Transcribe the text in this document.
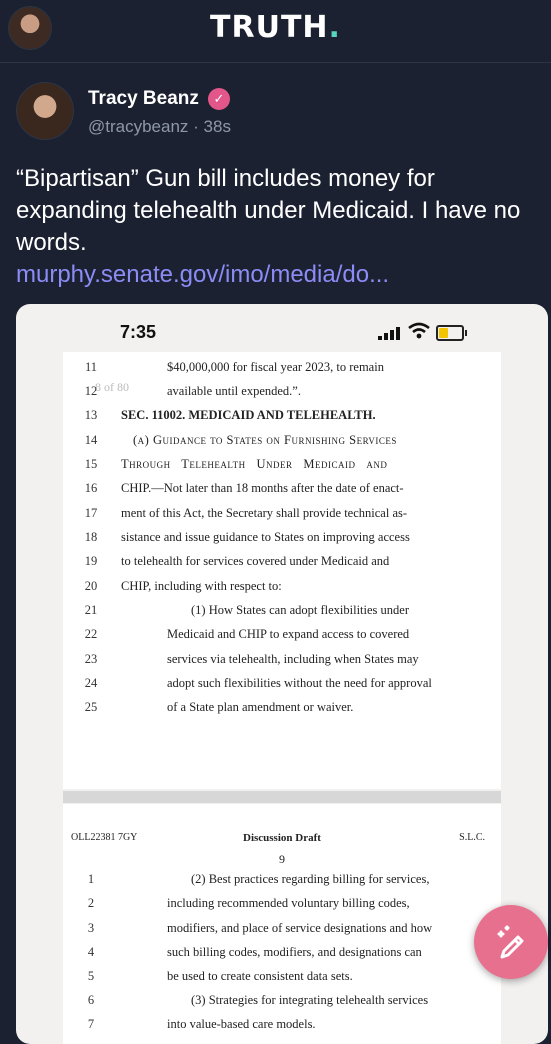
TRUTH.
Tracy Beanz	✓
@tracybeanz · 38s
“Bipartisan” Gun bill includes money for expanding telehealth under Medicaid. I have no words.
murphy.senate.gov/imo/media/do...
7:35
8 of 80
11	$40,000,000 for fiscal year 2023, to remain
12	available until expended.”.
13	SEC. 11002. MEDICAID AND TELEHEALTH.
14	(a) Guidance to States on Furnishing Services
15	Through   Telehealth   Under   Medicaid   and
16	CHIP.—Not later than 18 months after the date of enact-
17	ment of this Act, the Secretary shall provide technical as-
18	sistance and issue guidance to States on improving access
19	to telehealth for services covered under Medicaid and
20	CHIP, including with respect to:
21	(1) How States can adopt flexibilities under
22	Medicaid and CHIP to expand access to covered
23	services via telehealth, including when States may
24	adopt such flexibilities without the need for approval
25	of a State plan amendment or waiver.
OLL22381 7GY	Discussion Draft	S.L.C.
9
1	(2) Best practices regarding billing for services,
2	including recommended voluntary billing codes,
3	modifiers, and place of service designations and how
4	such billing codes, modifiers, and designations can
5	be used to create consistent data sets.
6	(3) Strategies for integrating telehealth services
7	into value-based care models.
